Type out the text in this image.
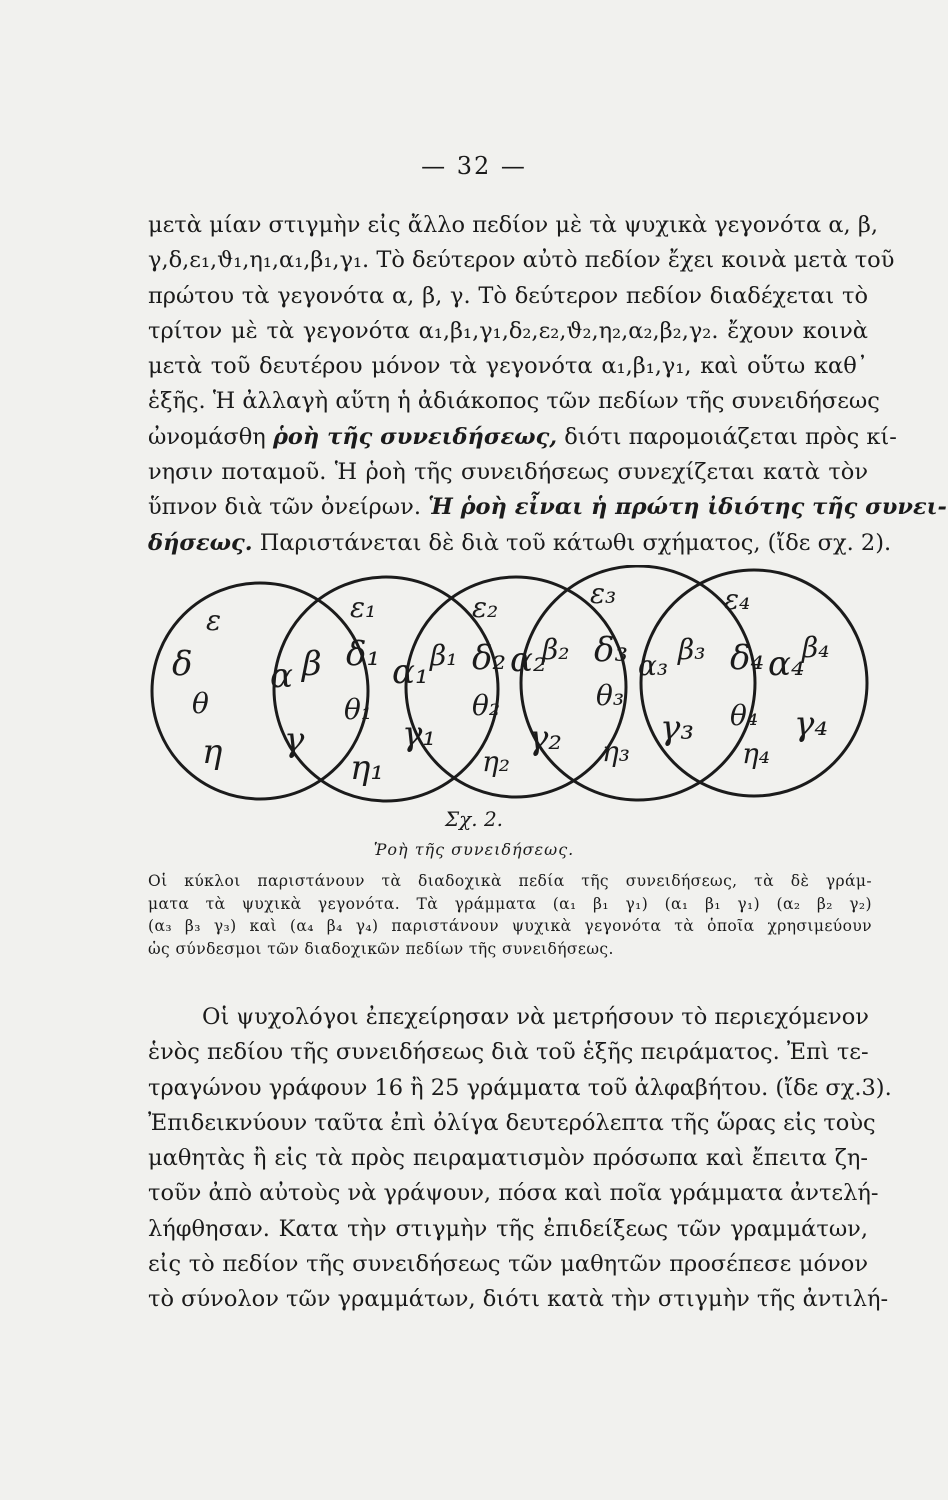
— 32 —
μετὰ μίαν στιγμὴν εἰς ἄλλο πεδίον μὲ τὰ ψυχικὰ γεγονότα α, β,
γ,δ,ε₁,ϑ₁,η₁,α₁,β₁,γ₁. Τὸ δεύτερον αὐτὸ πεδίον ἔχει κοινὰ μετὰ τοῦ
πρώτου τὰ γεγονότα α, β, γ. Τὸ δεύτερον πεδίον διαδέχεται τὸ
τρίτον μὲ τὰ γεγονότα α₁,β₁,γ₁,δ₂,ε₂,ϑ₂,η₂,α₂,β₂,γ₂. ἔχουν κοινὰ
μετὰ τοῦ δευτέρου μόνον τὰ γεγονότα α₁,β₁,γ₁, καὶ οὕτω καθ᾿
ἑξῆς. Ἡ ἀλλαγὴ αὕτη ἡ ἀδιάκοπος τῶν πεδίων τῆς συνειδήσεως
ὠνομάσθη ῥοὴ τῆς συνειδήσεως, διότι παρομοιάζεται πρὸς κί-
νησιν ποταμοῦ. Ἡ ῥοὴ τῆς συνειδήσεως συνεχίζεται κατὰ τὸν
ὕπνον διὰ τῶν ὀνείρων. Ἡ ῥοὴ εἶναι ἡ πρώτη ἰδιότης τῆς συνει-
δήσεως. Παριστάνεται δὲ διὰ τοῦ κάτωθι σχήματος, (ἴδε σχ. 2).
ε
δ
θ
η
α β
γ
ε₁
δ₁
θ₁
η₁
α₁ β₁
γ₁
ε₂
δ₂
θ₂
η₂
α₂
β₂
γ₂
ε₃
δ₃
θ₃
η₃
α₃ β₃
γ₃
ε₄
δ₄ α₄
β₄
θ₄ γ₄
η₄
Σχ. 2.
Ῥοὴ τῆς συνειδήσεως.
Οἱ κύκλοι παριστάνουν τὰ διαδοχικὰ πεδία τῆς συνειδήσεως, τὰ δὲ γράμ-
ματα τὰ ψυχικὰ γεγονότα. Τὰ γράμματα (α₁ β₁ γ₁) (α₁ β₁ γ₁) (α₂ β₂ γ₂)
(α₃ β₃ γ₃) καὶ (α₄ β₄ γ₄) παριστάνουν ψυχικὰ γεγονότα τὰ ὁποῖα χρησιμεύουν
ὡς σύνδεσμοι τῶν διαδοχικῶν πεδίων τῆς συνειδήσεως.
Οἱ ψυχολόγοι ἐπεχείρησαν νὰ μετρήσουν τὸ περιεχόμενον
ἑνὸς πεδίου τῆς συνειδήσεως διὰ τοῦ ἑξῆς πειράματος. Ἐπὶ τε-
τραγώνου γράφουν 16 ἢ 25 γράμματα τοῦ ἀλφαβήτου. (ἴδε σχ.3).
Ἐπιδεικνύουν ταῦτα ἐπὶ ὀλίγα δευτερόλεπτα τῆς ὥρας εἰς τοὺς
μαθητὰς ἢ εἰς τὰ πρὸς πειραματισμὸν πρόσωπα καὶ ἔπειτα ζη-
τοῦν ἀπὸ αὐτοὺς νὰ γράψουν, πόσα καὶ ποῖα γράμματα ἀντελή-
λήφθησαν. Κατα τὴν στιγμὴν τῆς ἐπιδείξεως τῶν γραμμάτων,
εἰς τὸ πεδίον τῆς συνειδήσεως τῶν μαθητῶν προσέπεσε μόνον
τὸ σύνολον τῶν γραμμάτων, διότι κατὰ τὴν στιγμὴν τῆς ἀντιλή-
